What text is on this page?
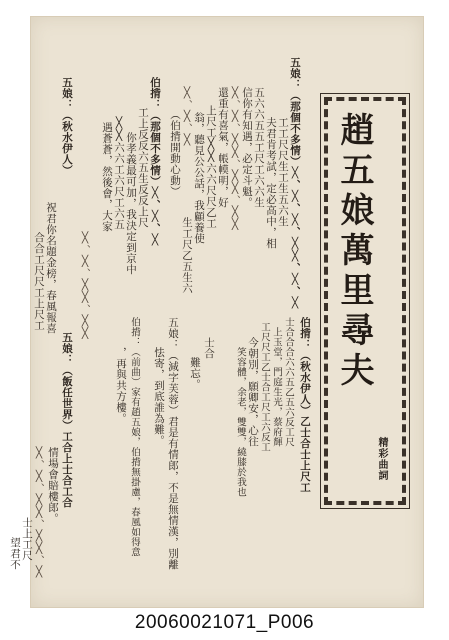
趙五娘萬里尋夫
精彩曲詞
五娘：（那個不多情）╳、╳、╳、╳╳、╳、╳
工工尺尺生工生五六生
夫君肯考試，定必高中，相
五六六五五工尺工六六生
信你有知遇，必定斗魁。
╳、╳、╳╳、╳╳、╳╳
還重有喜氣，帳幙明，好
上尺工╳╳六六尺尺乙工
翁，聽見公公話，我顧養使
生工尺乙五生六
╳、╳、╳
（伯揹開動心動）
伯揹：（那個不多情）╳、╳、╳
工上反反六五生反反上尺
你孝義最可加，我決定到京中
╳╳六六工六尺工六五
遇蒼蒼，然後會，大家
五娘：（秋水伊人）
祝君你名題金榜，春風報喜
合合工尺尺工上尺工	╳、╳、╳╳、╳╳
伯揹：（秋水伊人）乙士合士上尺工
士合合合六六五乙五六反工尺
上玉堂，門庭生光，蔡府輝
工尺尺工乙士合工尺工六反工
今朝別，願卿安，心往
笑容體，余老，雙雙，繞膝於我也
士合
難忘。
五娘：（減字芙蓉）君是有情郎，不是無情漢，別離
怯寄，到底誰為難。
伯揹：（前曲）家有趙五娘，伯揹無掛慮，春風如得意
，再與共方樓。
五娘：（飯任世界）工合上士合工合
情場會賠樓郎。
╳、╳、╳╳、╳╳、╳
士上工尺
望君不
20060021071_P006
